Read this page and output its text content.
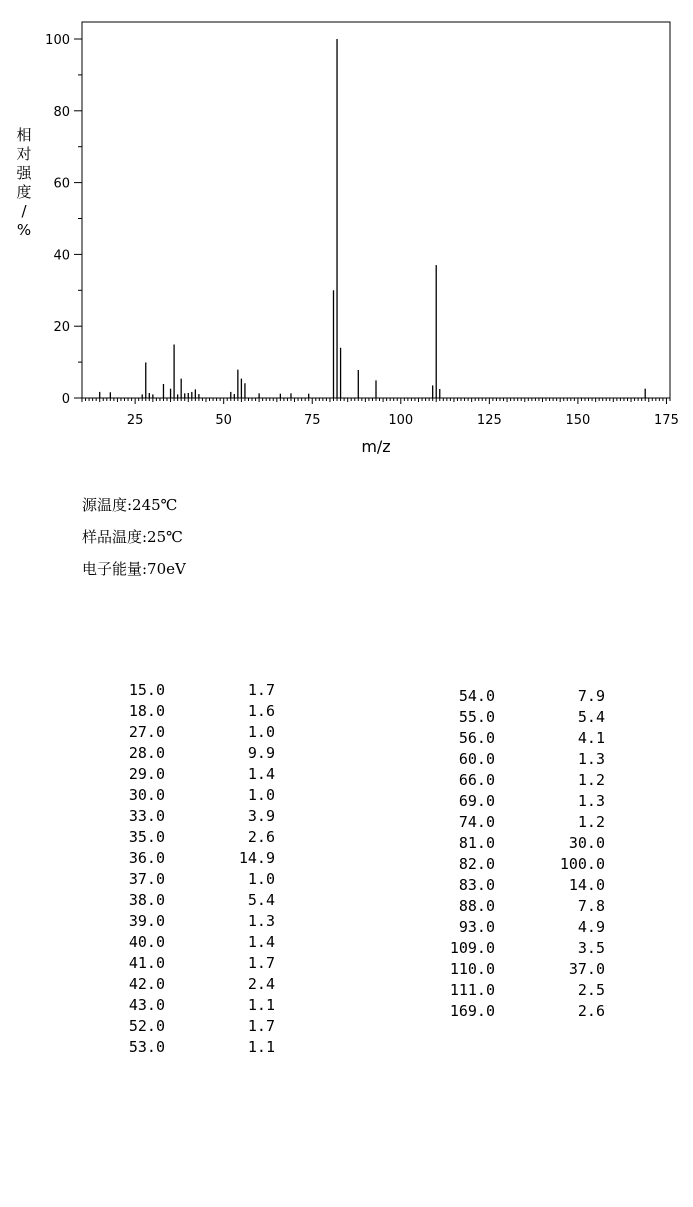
25	50	75	100	125	150	175
0
20
40
60
80
100
m/z
相对强度/ %
源温度:245℃
样品温度:25℃
电子能量:70eV
15.0	1.7
18.0	1.6
27.0	1.0
28.0	9.9
29.0	1.4
30.0	1.0
33.0	3.9
35.0	2.6
36.0	14.9
37.0	1.0
38.0	5.4
39.0	1.3
40.0	1.4
41.0	1.7
42.0	2.4
43.0	1.1
52.0	1.7
53.0	1.1
54.0	7.9
55.0	5.4
56.0	4.1
60.0	1.3
66.0	1.2
69.0	1.3
74.0	1.2
81.0	30.0
82.0	100.0
83.0	14.0
88.0	7.8
93.0	4.9
109.0	3.5
110.0	37.0
111.0	2.5
169.0	2.6
